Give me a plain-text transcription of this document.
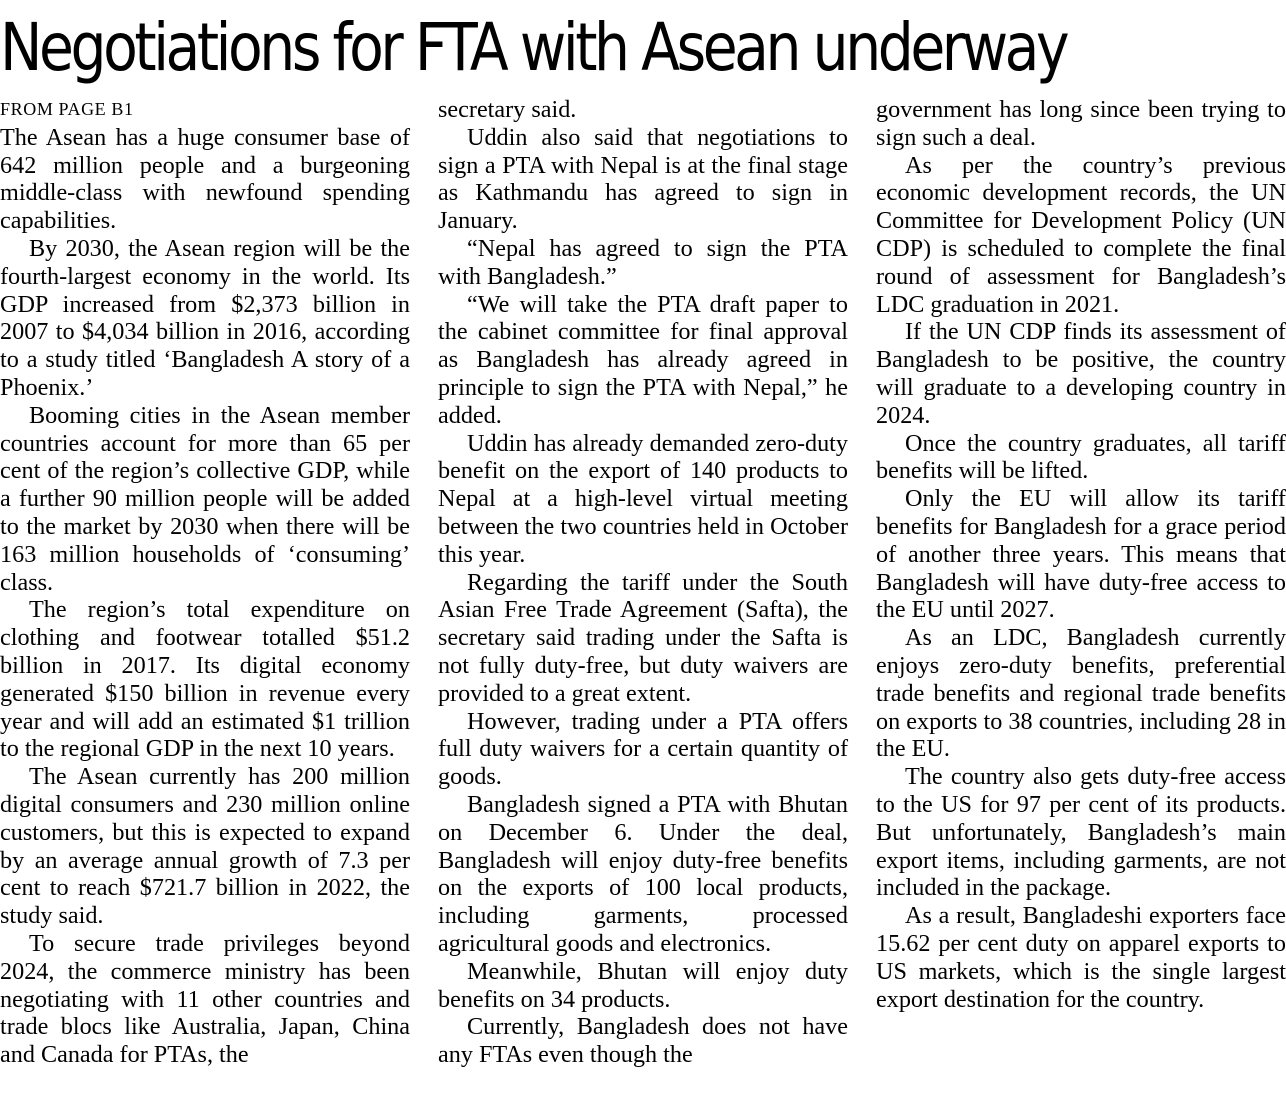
Negotiations for FTA with Asean underway
FROM PAGE B1

The Asean has a huge consumer base of 642 million people and a burgeoning middle-class with newfound spending capabilities.

By 2030, the Asean region will be the fourth-largest economy in the world. Its GDP increased from $2,373 billion in 2007 to $4,034 billion in 2016, according to a study titled ‘Bangladesh A story of a Phoenix.’

Booming cities in the Asean member countries account for more than 65 per cent of the region’s collective GDP, while a further 90 million people will be added to the market by 2030 when there will be 163 million households of ‘consuming’ class.

The region’s total expenditure on clothing and footwear totalled $51.2 billion in 2017. Its digital economy generated $150 billion in revenue every year and will add an estimated $1 trillion to the regional GDP in the next 10 years.

The Asean currently has 200 million digital consumers and 230 million online customers, but this is expected to expand by an average annual growth of 7.3 per cent to reach $721.7 billion in 2022, the study said.

To secure trade privileges beyond 2024, the commerce ministry has been negotiating with 11 other countries and trade blocs like Australia, Japan, China and Canada for PTAs, the

secretary said.

Uddin also said that negotiations to sign a PTA with Nepal is at the final stage as Kathmandu has agreed to sign in January.

“Nepal has agreed to sign the PTA with Bangladesh.”

“We will take the PTA draft paper to the cabinet committee for final approval as Bangladesh has already agreed in principle to sign the PTA with Nepal,” he added.

Uddin has already demanded zero-duty benefit on the export of 140 products to Nepal at a high-level virtual meeting between the two countries held in October this year.

Regarding the tariff under the South Asian Free Trade Agreement (Safta), the secretary said trading under the Safta is not fully duty-free, but duty waivers are provided to a great extent.

However, trading under a PTA offers full duty waivers for a certain quantity of goods.

Bangladesh signed a PTA with Bhutan on December 6. Under the deal, Bangladesh will enjoy duty-free benefits on the exports of 100 local products, including garments, processed agricultural goods and electronics.

Meanwhile, Bhutan will enjoy duty benefits on 34 products.

Currently, Bangladesh does not have any FTAs even though the

government has long since been trying to sign such a deal.

As per the country’s previous economic development records, the UN Committee for Development Policy (UN CDP) is scheduled to complete the final round of assessment for Bangladesh’s LDC graduation in 2021.

If the UN CDP finds its assessment of Bangladesh to be positive, the country will graduate to a developing country in 2024.

Once the country graduates, all tariff benefits will be lifted.

Only the EU will allow its tariff benefits for Bangladesh for a grace period of another three years. This means that Bangladesh will have duty-free access to the EU until 2027.

As an LDC, Bangladesh currently enjoys zero-duty benefits, preferential trade benefits and regional trade benefits on exports to 38 countries, including 28 in the EU.

The country also gets duty-free access to the US for 97 per cent of its products. But unfortunately, Bangladesh’s main export items, including garments, are not included in the package.

As a result, Bangladeshi exporters face 15.62 per cent duty on apparel exports to US markets, which is the single largest export destination for the country.
